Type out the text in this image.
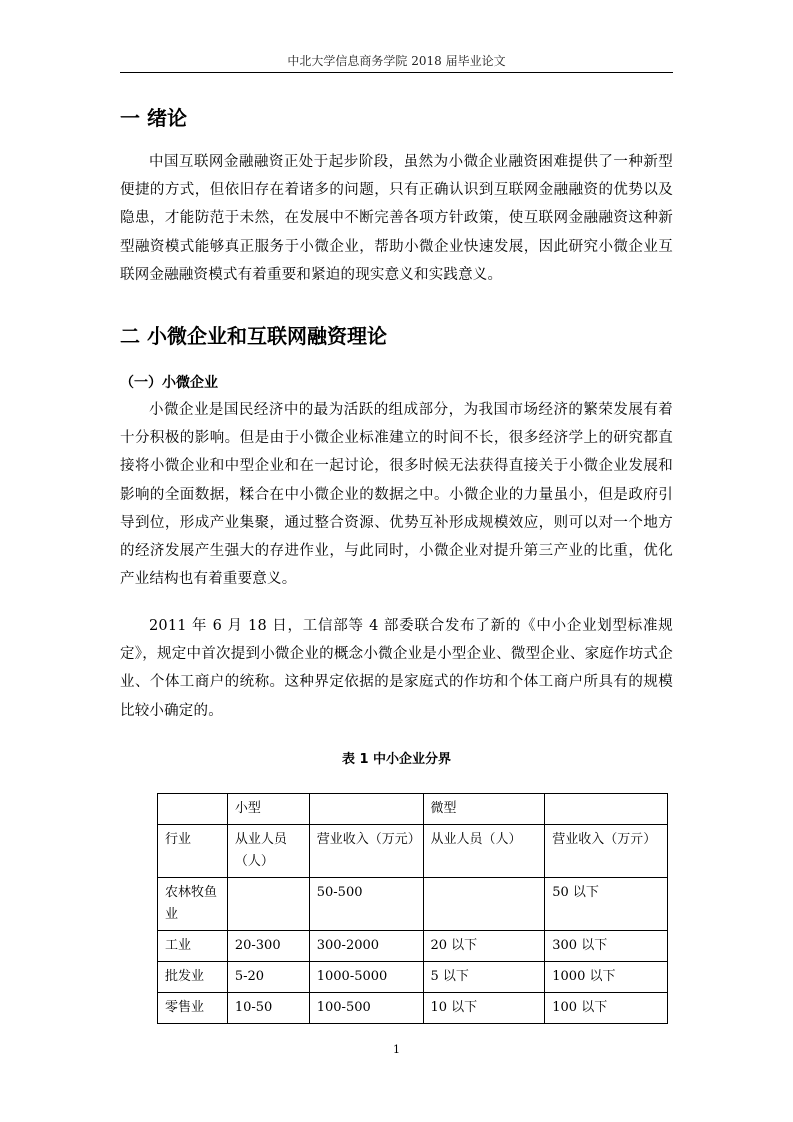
中北大学信息商务学院 2018 届毕业论文
一 绪论

中国互联网金融融资正处于起步阶段，虽然为小微企业融资困难提供了一种新型便捷的方式，但依旧存在着诸多的问题，只有正确认识到互联网金融融资的优势以及隐患，才能防范于未然，在发展中不断完善各项方针政策，使互联网金融融资这种新型融资模式能够真正服务于小微企业，帮助小微企业快速发展，因此研究小微企业互联网金融融资模式有着重要和紧迫的现实意义和实践意义。

二 小微企业和互联网融资理论
（一）小微企业

小微企业是国民经济中的最为活跃的组成部分，为我国市场经济的繁荣发展有着十分积极的影响。但是由于小微企业标准建立的时间不长，很多经济学上的研究都直接将小微企业和中型企业和在一起讨论，很多时候无法获得直接关于小微企业发展和影响的全面数据，糅合在中小微企业的数据之中。小微企业的力量虽小，但是政府引导到位，形成产业集聚，通过整合资源、优势互补形成规模效应，则可以对一个地方的经济发展产生强大的存进作业，与此同时，小微企业对提升第三产业的比重，优化产业结构也有着重要意义。

2011 年 6 月 18 日，工信部等 4 部委联合发布了新的《中小企业划型标准规定》，规定中首次提到小微企业的概念小微企业是小型企业、微型企业、家庭作坊式企业、个体工商户的统称。这种界定依据的是家庭式的作坊和个体工商户所具有的规模比较小确定的。

表 1 中小企业分界
	小型		微型	
行业	从业人员（人）	营业收入（万元）	从业人员（人）	营业收入（万亓）
农林牧鱼业		50-500		50 以下
工业	20-300	300-2000	20 以下	300 以下
批发业	5-20	1000-5000	5 以下	1000 以下
零售业	10-50	100-500	10 以下	100 以下
1
